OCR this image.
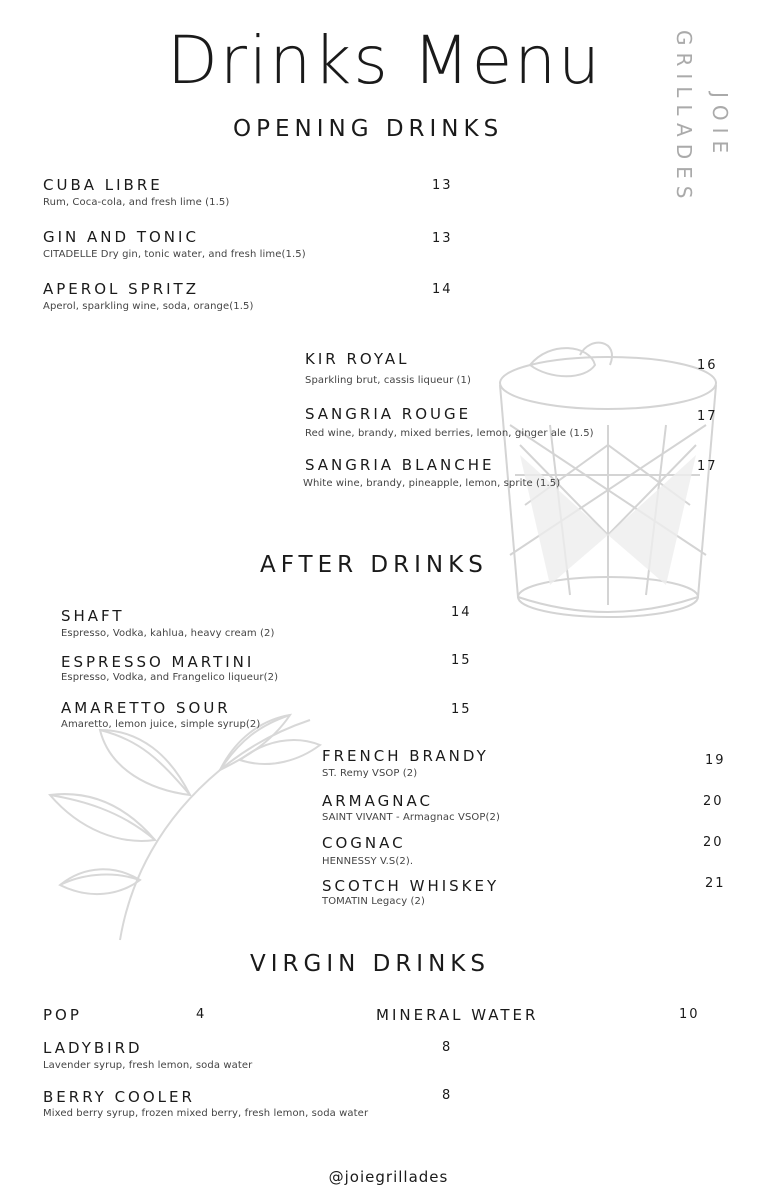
Drinks Menu
JOIE
GRILLADES
OPENING DRINKS
CUBA LIBRE
Rum, Coca-cola, and fresh lime (1.5)
13
GIN AND TONIC
CITADELLE Dry gin, tonic water, and fresh lime(1.5)
13
APEROL SPRITZ
Aperol, sparkling wine, soda, orange(1.5)
14
KIR ROYAL
Sparkling brut, cassis liqueur (1)
16
SANGRIA ROUGE
Red wine, brandy, mixed berries, lemon, ginger ale (1.5)
17
SANGRIA BLANCHE
White wine, brandy, pineapple, lemon, sprite (1.5)
17
AFTER DRINKS
SHAFT
Espresso, Vodka, kahlua, heavy cream (2)
14
ESPRESSO MARTINI
Espresso, Vodka, and Frangelico liqueur(2)
15
AMARETTO SOUR
Amaretto, lemon juice, simple syrup(2)
15
FRENCH BRANDY
ST. Remy VSOP (2)
19
ARMAGNAC
SAINT VIVANT - Armagnac VSOP(2)
20
COGNAC
HENNESSY V.S(2).
20
SCOTCH WHISKEY
TOMATIN Legacy (2)
21
VIRGIN DRINKS
POP	4	MINERAL WATER	10
LADYBIRD
Lavender syrup, fresh lemon, soda water
8
BERRY COOLER
Mixed berry syrup, frozen mixed berry, fresh lemon, soda water
8
@joiegrillades
